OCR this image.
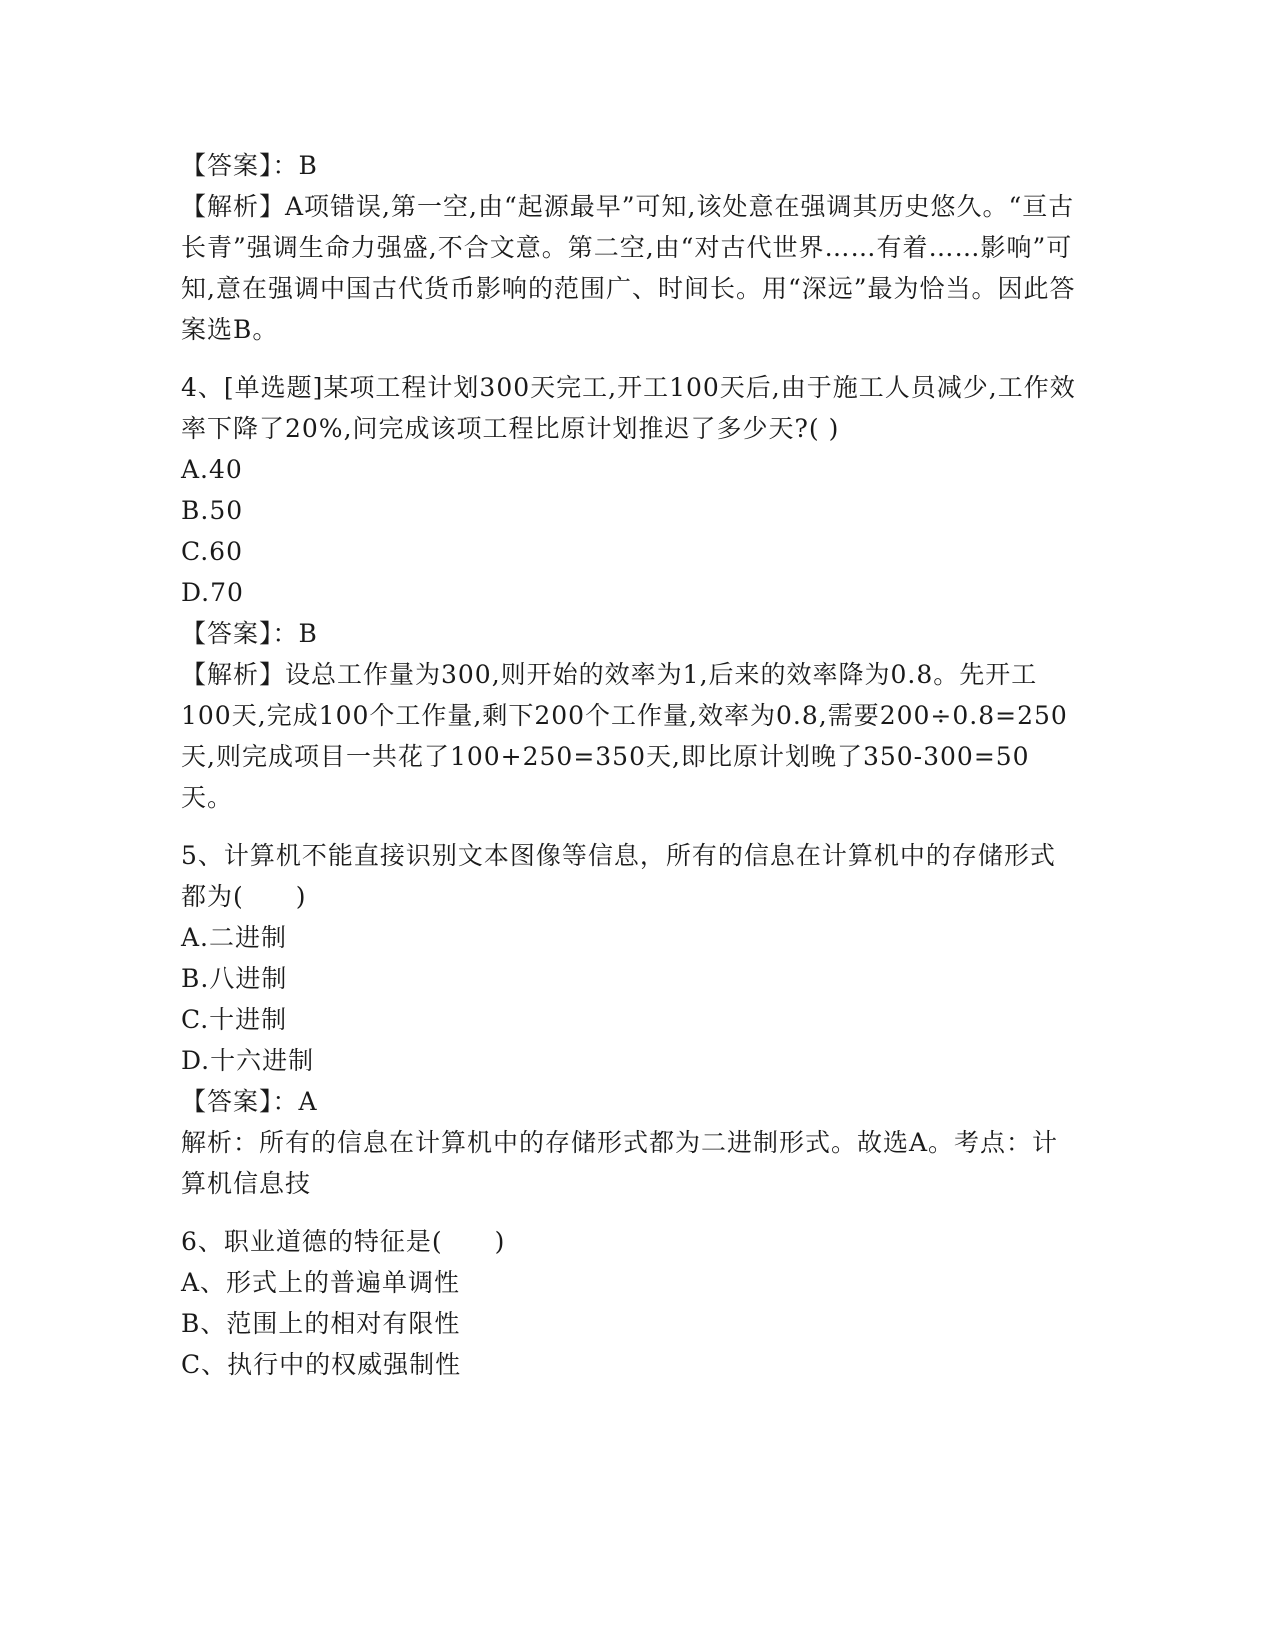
【答案】：B

【解析】A项错误,第一空,由“起源最早”可知,该处意在强调其历史悠久。“亘古长青”强调生命力强盛,不合文意。第二空,由“对古代世界……有着……影响”可知,意在强调中国古代货币影响的范围广、时间长。用“深远”最为恰当。因此答案选B。

4、[单选题]某项工程计划300天完工,开工100天后,由于施工人员减少,工作效率下降了20%,问完成该项工程比原计划推迟了多少天?( )

A.40
B.50
C.60
D.70
【答案】：B

【解析】设总工作量为300,则开始的效率为1,后来的效率降为0.8。先开工100天,完成100个工作量,剩下200个工作量,效率为0.8,需要200÷0.8=250天,则完成项目一共花了100+250=350天,即比原计划晚了350-300=50天。

5、计算机不能直接识别文本图像等信息，所有的信息在计算机中的存储形式都为(　　)

A.二进制
B.八进制
C.十进制
D.十六进制
【答案】：A

解析：所有的信息在计算机中的存储形式都为二进制形式。故选A。考点：计算机信息技

6、职业道德的特征是(　　)

A、形式上的普遍单调性
B、范围上的相对有限性
C、执行中的权威强制性
